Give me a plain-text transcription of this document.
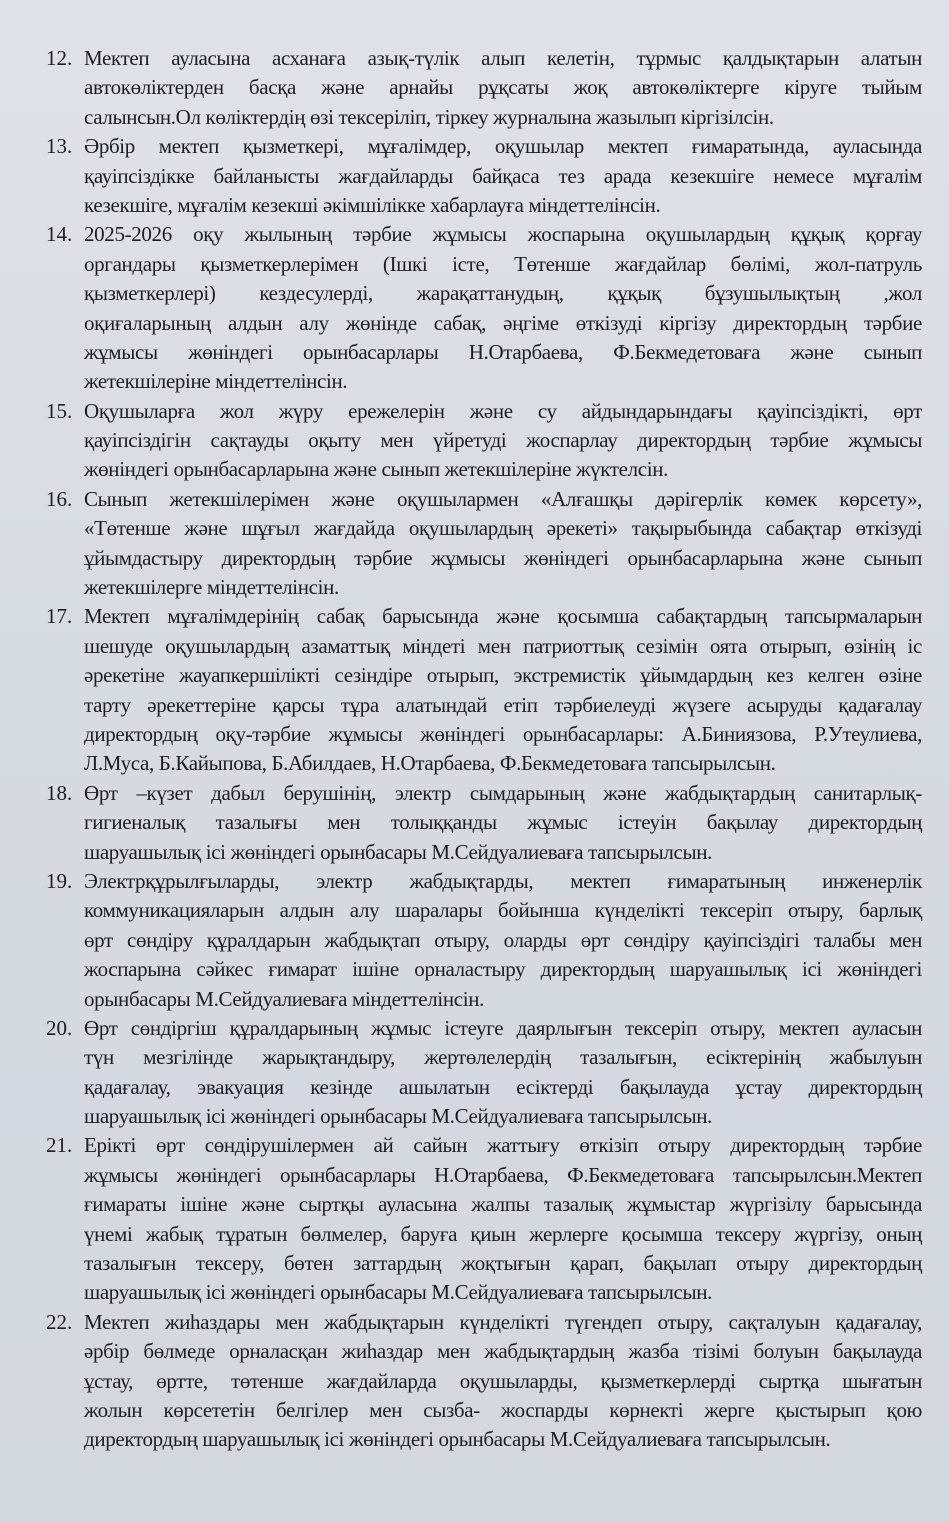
12. Мектеп ауласына асханаға азық-түлік алып келетін, тұрмыс қалдықтарын алатын
автокөліктерден басқа және арнайы рұқсаты жоқ автокөліктерге кіруге тыйым
салынсын.Ол көліктердің өзі тексеріліп, тіркеу журналына жазылып кіргізілсін.
13. Әрбір мектеп қызметкері, мұғалімдер, оқушылар мектеп ғимаратында, ауласында
қауіпсіздікке байланысты жағдайларды байқаса тез арада кезекшіге немесе мұғалім
кезекшіге, мұғалім кезекші әкімшілікке хабарлауға міндеттелінсін.
14. 2025-2026 оқу жылының тәрбие жұмысы жоспарына оқушылардың құқық қорғау
органдары қызметкерлерімен (Ішкі істе, Төтенше жағдайлар бөлімі, жол-патруль
қызметкерлері) кездесулерді, жарақаттанудың, құқық бұзушылықтың ,жол
оқиғаларының алдын алу жөнінде сабақ, әңгіме өткізуді кіргізу директордың тәрбие
жұмысы жөніндегі орынбасарлары Н.Отарбаева, Ф.Бекмедетоваға және сынып
жетекшілеріне міндеттелінсін.
15. Оқушыларға жол жүру ережелерін және су айдындарындағы қауіпсіздікті, өрт
қауіпсіздігін сақтауды оқыту мен үйретуді жоспарлау директордың тәрбие жұмысы
жөніндегі орынбасарларына және сынып жетекшілеріне жүктелсін.
16. Сынып жетекшілерімен және оқушылармен «Алғашқы дәрігерлік көмек көрсету»,
«Төтенше және шұғыл жағдайда оқушылардың әрекеті» тақырыбында сабақтар өткізуді
ұйымдастыру директордың тәрбие жұмысы жөніндегі орынбасарларына және сынып
жетекшілерге міндеттелінсін.
17. Мектеп мұғалімдерінің сабақ барысында және қосымша сабақтардың тапсырмаларын
шешуде оқушылардың азаматтық міндеті мен патриоттық сезімін оята отырып, өзінің іс
әрекетіне жауапкершілікті сезіндіре отырып, экстремистік ұйымдардың кез келген өзіне
тарту әрекеттеріне қарсы тұра алатындай етіп тәрбиелеуді жүзеге асыруды қадағалау
директордың оқу-тәрбие жұмысы жөніндегі орынбасарлары: А.Биниязова, Р.Утеулиева,
Л.Муса, Б.Кайыпова, Б.Абилдаев, Н.Отарбаева, Ф.Бекмедетоваға тапсырылсын.
18. Өрт –күзет дабыл берушінің, электр сымдарының және жабдықтардың санитарлық-
гигиеналық тазалығы мен толыққанды жұмыс істеуін бақылау директордың
шаруашылық ісі жөніндегі орынбасары М.Сейдуалиеваға тапсырылсын.
19. Электрқұрылғыларды, электр жабдықтарды, мектеп ғимаратының инженерлік
коммуникацияларын алдын алу шаралары бойынша күнделікті тексеріп отыру, барлық
өрт сөндіру құралдарын жабдықтап отыру, оларды өрт сөндіру қауіпсіздігі талабы мен
жоспарына сәйкес ғимарат ішіне орналастыру директордың шаруашылық ісі жөніндегі
орынбасары М.Сейдуалиеваға міндеттелінсін.
20. Өрт сөндіргіш құралдарының жұмыс істеуге даярлығын тексеріп отыру, мектеп ауласын
түн мезгілінде жарықтандыру, жертөлелердің тазалығын, есіктерінің жабылуын
қадағалау, эвакуация кезінде ашылатын есіктерді бақылауда ұстау директордың
шаруашылық ісі жөніндегі орынбасары М.Сейдуалиеваға тапсырылсын.
21. Ерікті өрт сөндірушілермен ай сайын жаттығу өткізіп отыру директордың тәрбие
жұмысы жөніндегі орынбасарлары Н.Отарбаева, Ф.Бекмедетоваға тапсырылсын.Мектеп
ғимараты ішіне және сыртқы ауласына жалпы тазалық жұмыстар жүргізілу барысында
үнемі жабық тұратын бөлмелер, баруға қиын жерлерге қосымша тексеру жүргізу, оның
тазалығын тексеру, бөтен заттардың жоқтығын қарап, бақылап отыру директордың
шаруашылық ісі жөніндегі орынбасары М.Сейдуалиеваға тапсырылсын.
22. Мектеп жиһаздары мен жабдықтарын күнделікті түгендеп отыру, сақталуын қадағалау,
әрбір бөлмеде орналасқан жиһаздар мен жабдықтардың жазба тізімі болуын бақылауда
ұстау, өртте, төтенше жағдайларда оқушыларды, қызметкерлерді сыртқа шығатын
жолын көрсететін белгілер мен сызба- жоспарды көрнекті жерге қыстырып қою
директордың шаруашылық ісі жөніндегі орынбасары М.Сейдуалиеваға тапсырылсын.
